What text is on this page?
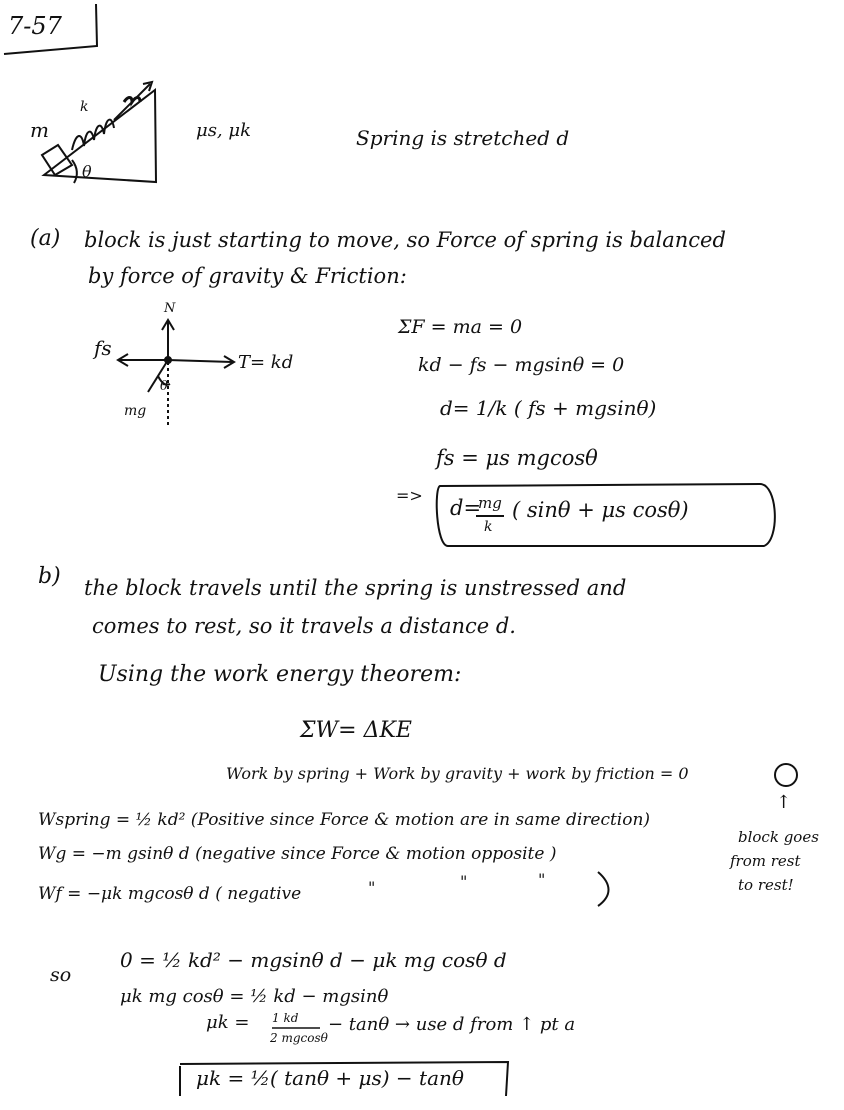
7-57
m
k
θ
μs, μk	Spring is stretched d
(a) block is just starting to move, so Force of spring is balanced
by force of gravity & Friction:
N
fs
T= kd
mg
θ
ΣF = ma = 0
kd − fs − mgsinθ = 0
d= 1/k ( fs + mgsinθ)
fs = μs mgcosθ
=>
d=
mg
k
( sinθ + μs cosθ)
b) the block travels until the spring is unstressed and
comes to rest, so it travels a distance d.
Using the work energy theorem:
ΣW= ΔKE
Work by spring + Work by gravity + work by friction = 0
↑
block goes
from rest
to rest!
Wspring = ½ kd² (Positive since Force & motion are in same direction)
Wg = −m gsinθ d (negative since Force & motion opposite )
Wf = −μk mgcosθ d ( negative	"	"	"
so
0 = ½ kd² − mgsinθ d − μk mg cosθ d
μk mg cosθ = ½ kd − mgsinθ
μk = 1 kd
2 mgcosθ
− tanθ → use d from ↑ pt a
μk = ½( tanθ + μs) − tanθ
